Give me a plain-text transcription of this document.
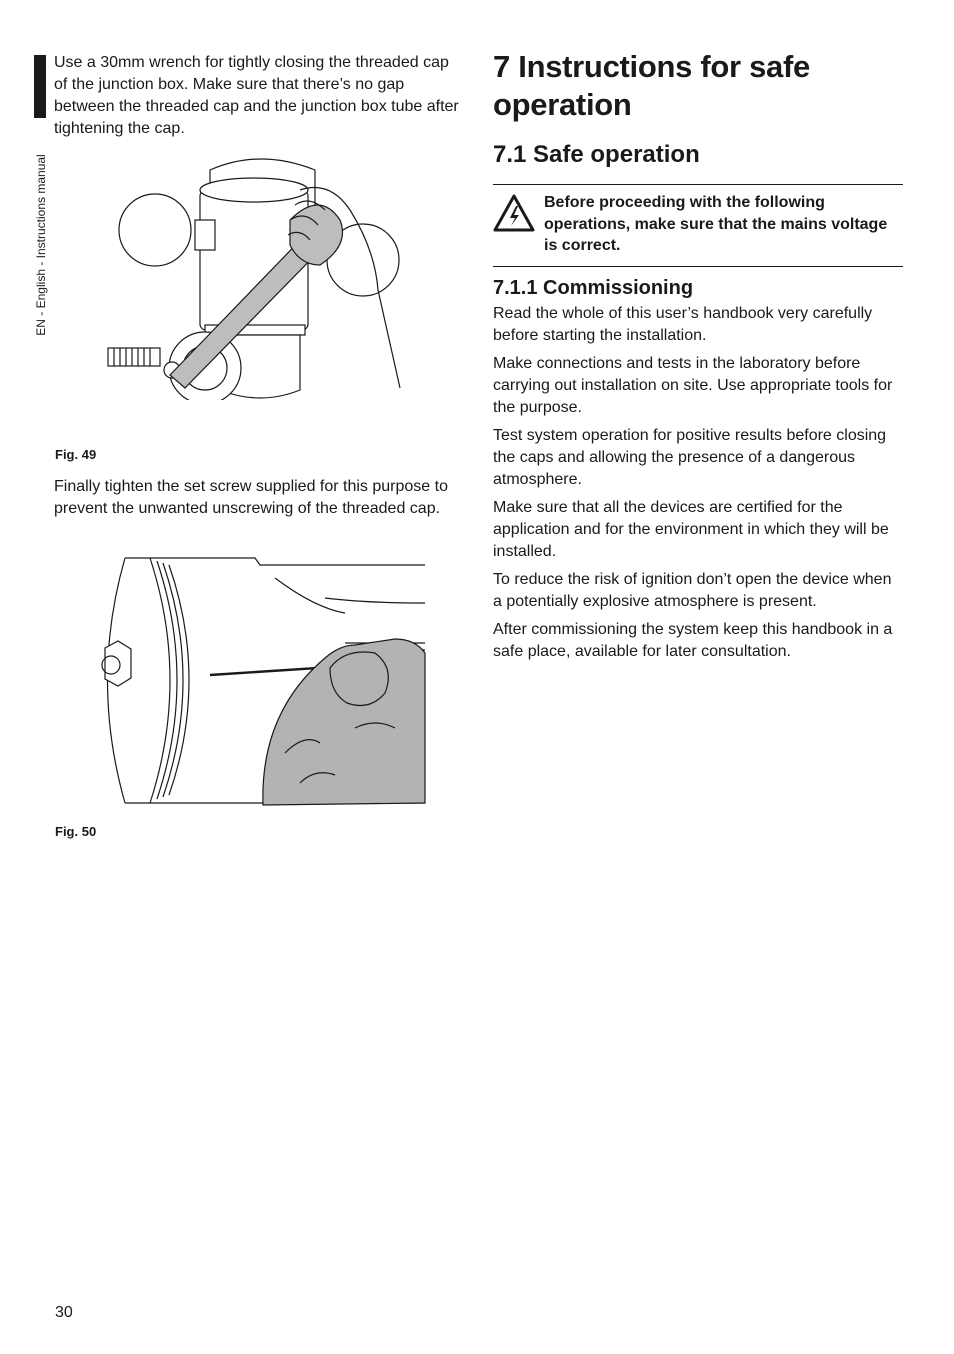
EN - English - Instructions manual

Use a 30mm wrench for tightly closing the threaded cap of the junction box. Make sure that there’s no gap between the threaded cap and the junction box tube after tightening the cap.

Fig. 49

Finally tighten the set screw supplied for this purpose to prevent the unwanted unscrewing of the threaded cap.

Fig. 50
7 Instructions for safe operation
7.1 Safe operation
Before proceeding with the following operations, make sure that the mains voltage is correct.
7.1.1 Commissioning

Read the whole of this user’s handbook very carefully before starting the installation.

Make connections and tests in the laboratory before carrying out installation on site. Use appropriate tools for the purpose.

Test system operation for positive results before closing the caps and allowing the presence of a dangerous atmosphere.

Make sure that all the devices are certified for the application and for the environment in which they will be installed.

To reduce the risk of ignition don’t open the device when a potentially explosive atmosphere is present.

After commissioning the system keep this handbook in a safe place, available for later consultation.

30
